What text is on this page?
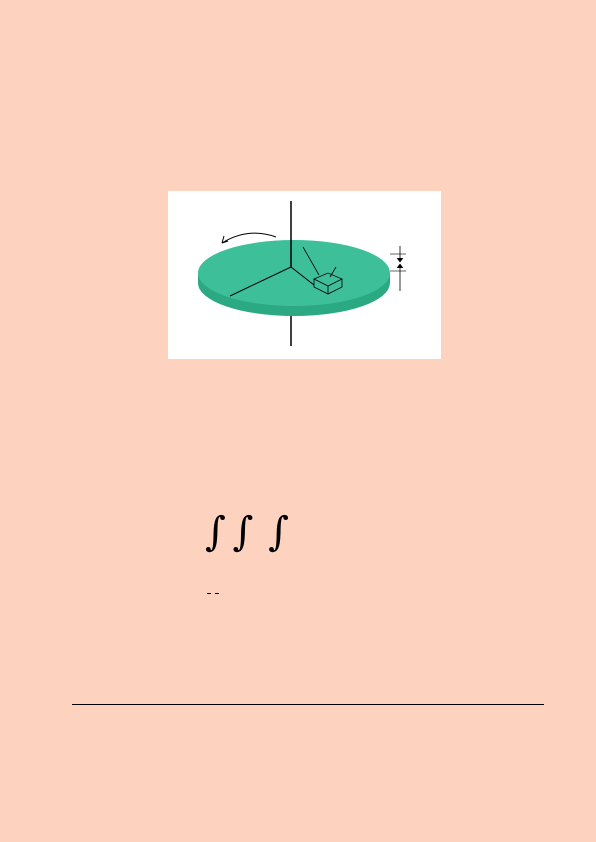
∫ ∫ ∫
